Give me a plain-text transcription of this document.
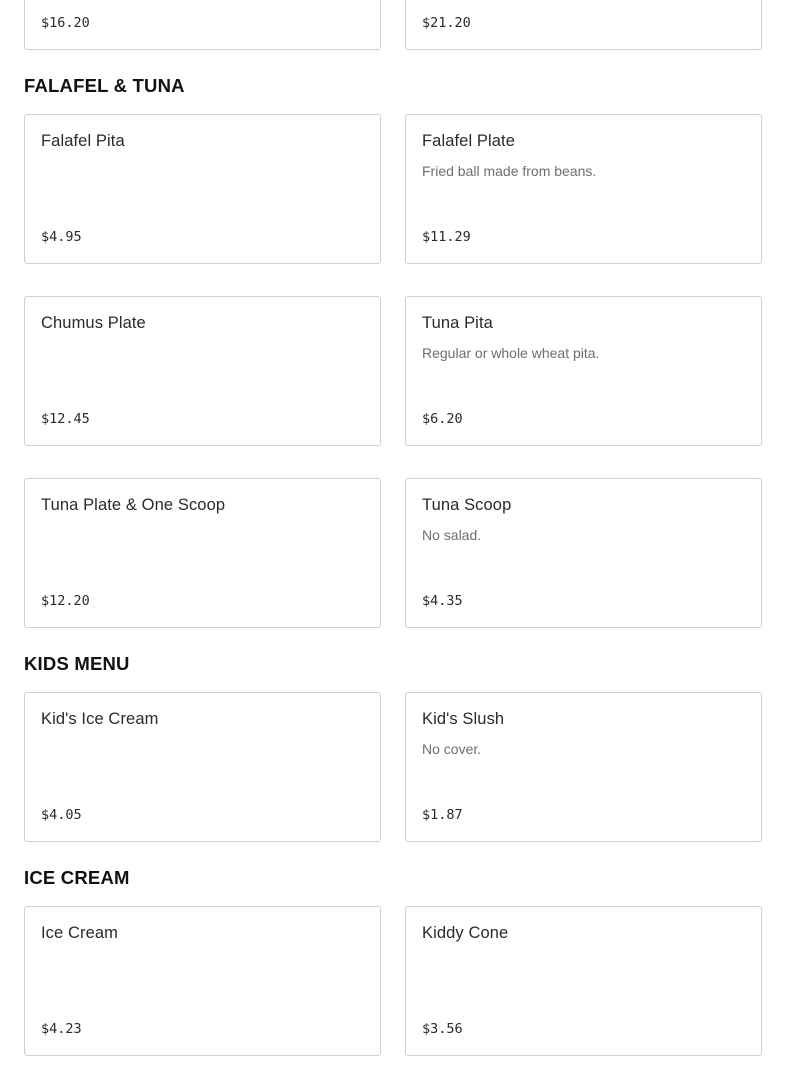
$16.20	$21.20
FALAFEL & TUNA
Falafel Pita
$4.95
Falafel Plate
Fried ball made from beans.
$11.29
Chumus Plate
$12.45
Tuna Pita
Regular or whole wheat pita.
$6.20
Tuna Plate & One Scoop
$12.20
Tuna Scoop
No salad.
$4.35
KIDS MENU
Kid's Ice Cream
$4.05
Kid's Slush
No cover.
$1.87
ICE CREAM
Ice Cream
$4.23
Kiddy Cone
$3.56
